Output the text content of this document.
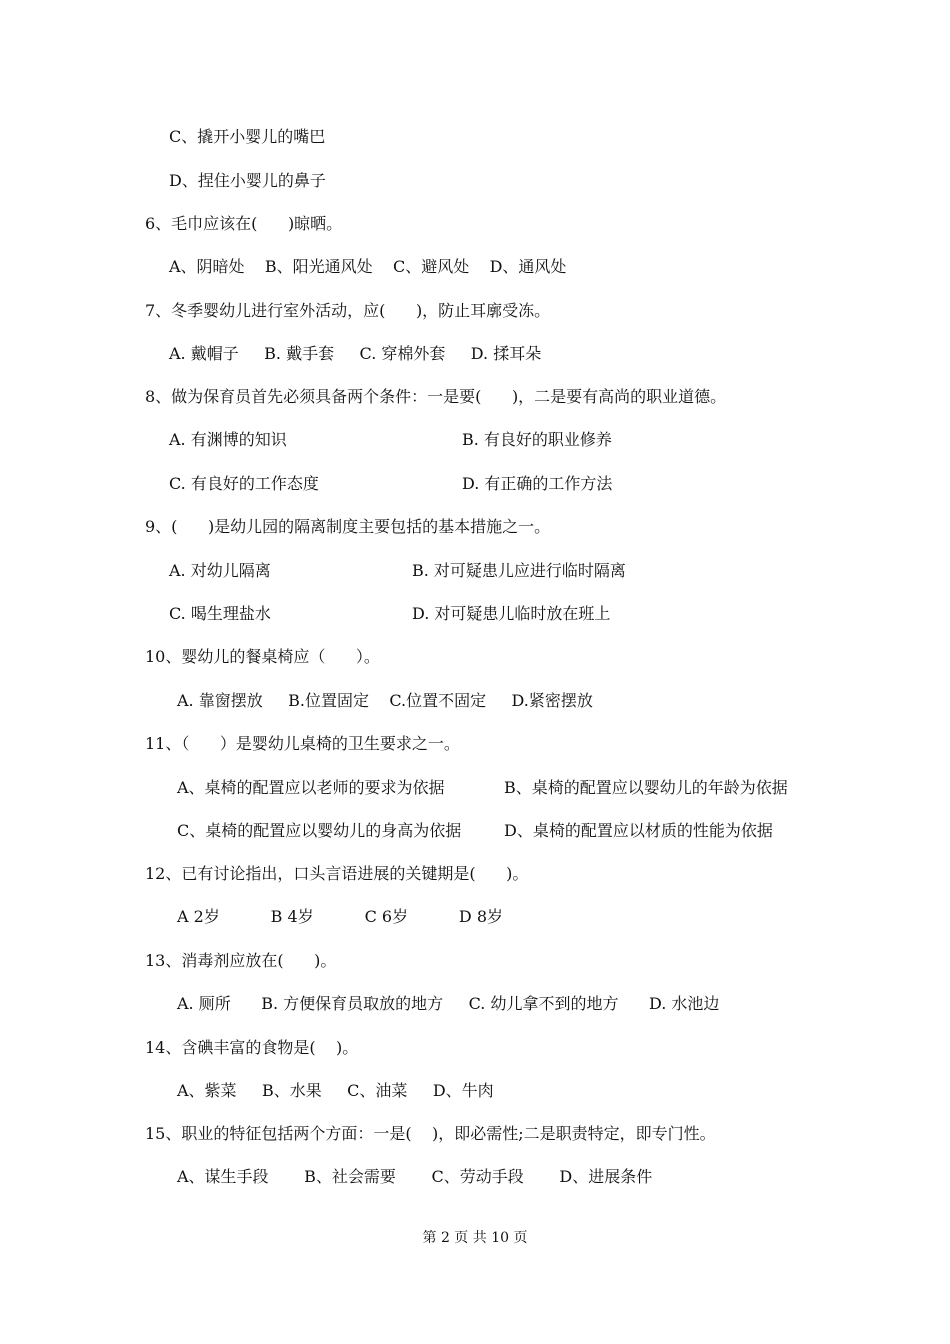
C、撬开小婴儿的嘴巴

D、捏住小婴儿的鼻子

6、毛巾应该在(      )晾晒。

A、阴暗处    B、阳光通风处    C、避风处    D、通风处

7、冬季婴幼儿进行室外活动，应(      )，防止耳廓受冻。

A. 戴帽子     B. 戴手套     C. 穿棉外套     D. 揉耳朵

8、做为保育员首先必须具备两个条件：一是要(      )，二是要有高尚的职业道德。

A. 有渊博的知识	B. 有良好的职业修养
C. 有良好的工作态度	D. 有正确的工作方法

9、(      )是幼儿园的隔离制度主要包括的基本措施之一。

A. 对幼儿隔离	B. 对可疑患儿应进行临时隔离
C. 喝生理盐水	D. 对可疑患儿临时放在班上

10、婴幼儿的餐桌椅应（      ）。

A. 靠窗摆放     B.位置固定    C.位置不固定     D.紧密摆放

11、（      ）是婴幼儿桌椅的卫生要求之一。

A、桌椅的配置应以老师的要求为依据	B、桌椅的配置应以婴幼儿的年龄为依据
C、桌椅的配置应以婴幼儿的身高为依据	D、桌椅的配置应以材质的性能为依据

12、已有讨论指出，口头言语进展的关键期是(      )。

A 2岁          B 4岁          C 6岁          D 8岁

13、消毒剂应放在(      )。

A. 厕所      B. 方便保育员取放的地方     C. 幼儿拿不到的地方      D. 水池边

14、含碘丰富的食物是(    )。

A、紫菜     B、水果     C、油菜     D、牛肉

15、职业的特征包括两个方面：一是(    )，即必需性;二是职责特定，即专门性。

A、谋生手段       B、社会需要       C、劳动手段       D、进展条件

第 2 页 共 10 页
